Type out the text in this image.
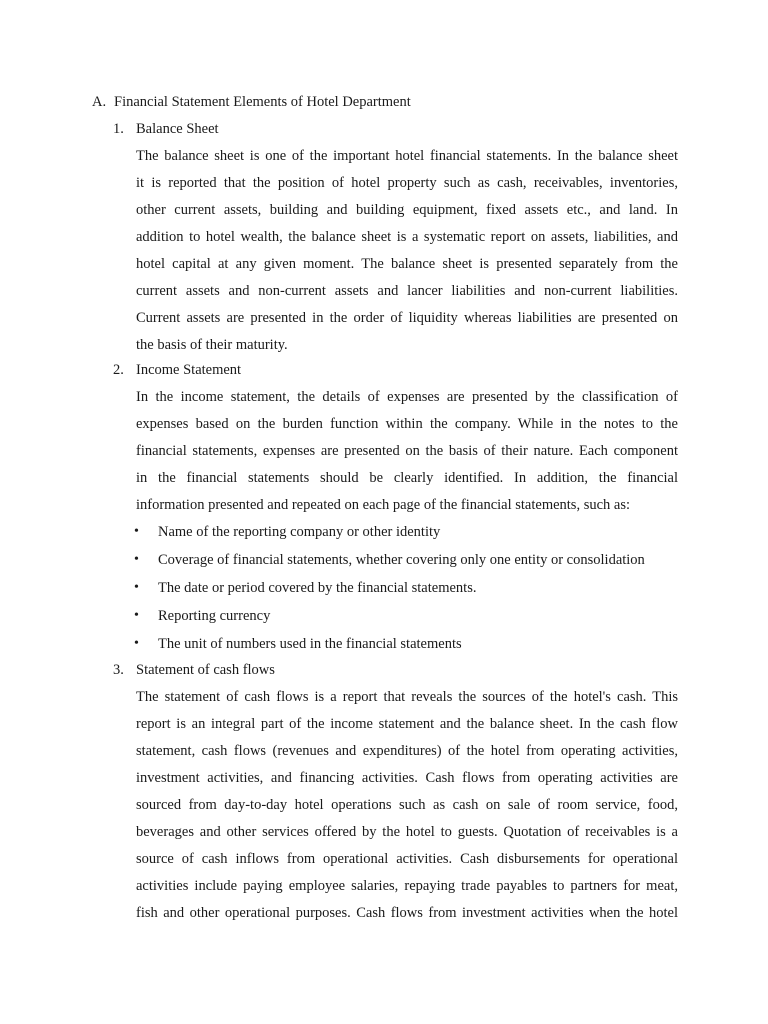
A. Financial Statement Elements of Hotel Department
1. Balance Sheet
The balance sheet is one of the important hotel financial statements. In the balance sheet
it is reported that the position of hotel property such as cash, receivables, inventories,
other current assets, building and building equipment, fixed assets etc., and land. In
addition to hotel wealth, the balance sheet is a systematic report on assets, liabilities, and
hotel capital at any given moment. The balance sheet is presented separately from the
current assets and non-current assets and lancer liabilities and non-current liabilities.
Current assets are presented in the order of liquidity whereas liabilities are presented on
the basis of their maturity.
2. Income Statement
In the income statement, the details of expenses are presented by the classification of
expenses based on the burden function within the company. While in the notes to the
financial statements, expenses are presented on the basis of their nature. Each component
in the financial statements should be clearly identified. In addition, the financial
information presented and repeated on each page of the financial statements, such as:
•	Name of the reporting company or other identity
•	Coverage of financial statements, whether covering only one entity or consolidation
•	The date or period covered by the financial statements.
•	Reporting currency
•	The unit of numbers used in the financial statements
3. Statement of cash flows
The statement of cash flows is a report that reveals the sources of the hotel's cash. This
report is an integral part of the income statement and the balance sheet. In the cash flow
statement, cash flows (revenues and expenditures) of the hotel from operating activities,
investment activities, and financing activities. Cash flows from operating activities are
sourced from day-to-day hotel operations such as cash on sale of room service, food,
beverages and other services offered by the hotel to guests. Quotation of receivables is a
source of cash inflows from operational activities. Cash disbursements for operational
activities include paying employee salaries, repaying trade payables to partners for meat,
fish and other operational purposes. Cash flows from investment activities when the hotel
